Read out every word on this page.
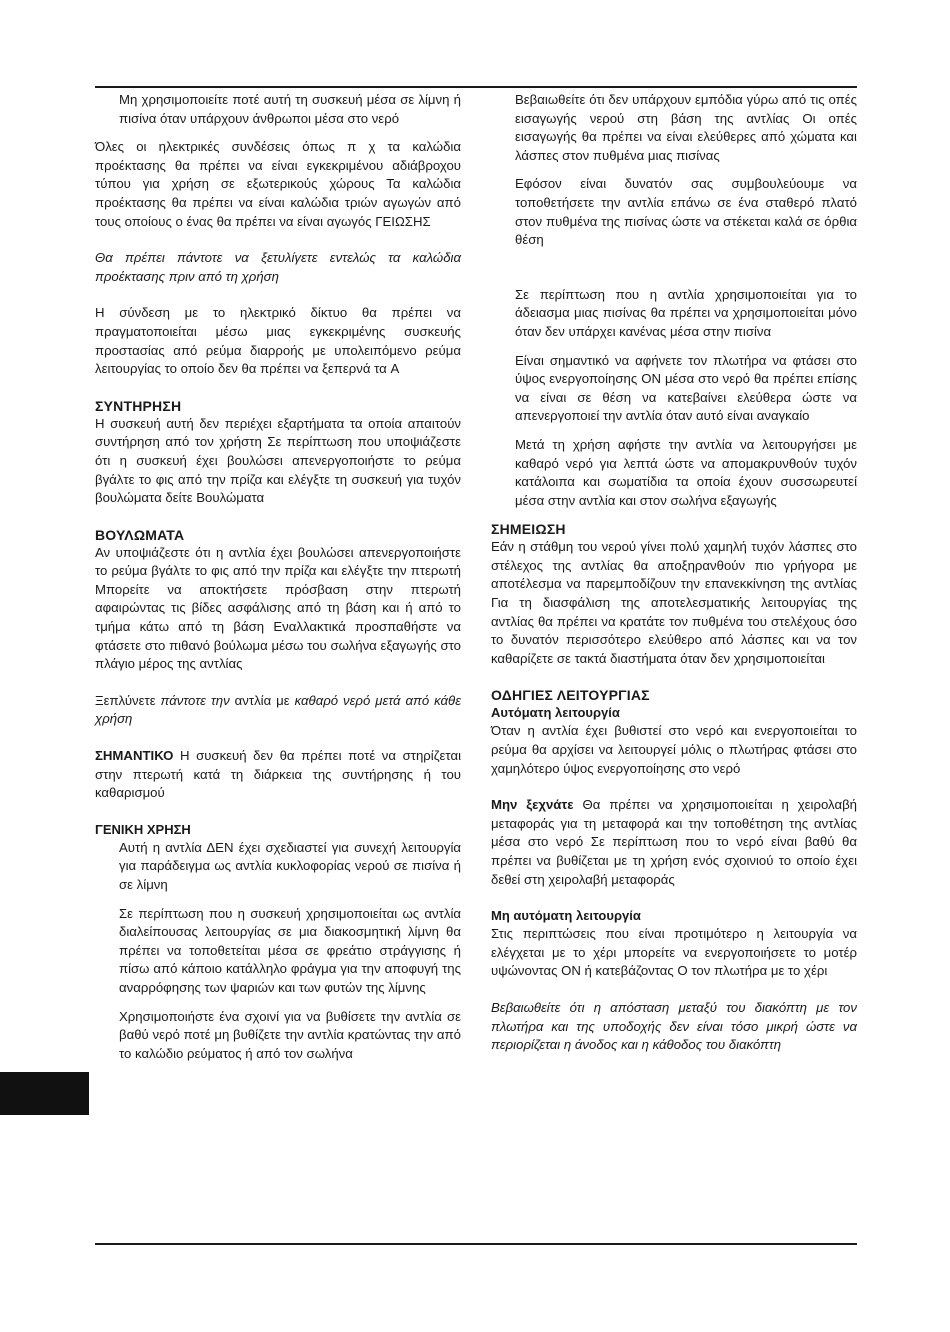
Μη χρησιμοποιείτε ποτέ αυτή τη συσκευή μέσα σε λίμνη ή πισίνα όταν υπάρχουν άνθρωποι μέσα στο νερό

Όλες οι ηλεκτρικές συνδέσεις όπως π χ τα καλώδια προέκτασης θα πρέπει να είναι εγκεκριμένου αδιάβροχου τύπου για χρήση σε εξωτερικούς χώρους Τα καλώδια προέκτασης θα πρέπει να είναι καλώδια τριών αγωγών από τους οποίους ο ένας θα πρέπει να είναι αγωγός ΓΕΙΩΣΗΣ

Θα πρέπει πάντοτε να ξετυλίγετε εντελώς τα καλώδια προέκτασης πριν από τη χρήση

Η σύνδεση με το ηλεκτρικό δίκτυο θα πρέπει να πραγματοποιείται μέσω μιας εγκεκριμένης συσκευής προστασίας από ρεύμα διαρροής με υπολειπόμενο ρεύμα λειτουργίας το οποίο δεν θα πρέπει να ξεπερνά τα A

ΣΥΝΤΗΡΗΣΗ

Η συσκευή αυτή δεν περιέχει εξαρτήματα τα οποία απαιτούν συντήρηση από τον χρήστη Σε περίπτωση που υποψιάζεστε ότι η συσκευή έχει βουλώσει απενεργοποιήστε το ρεύμα βγάλτε το φις από την πρίζα και ελέγξτε τη συσκευή για τυχόν βουλώματα δείτε Βουλώματα

ΒΟΥΛΩΜΑΤΑ

Αν υποψιάζεστε ότι η αντλία έχει βουλώσει απενεργοποιήστε το ρεύμα βγάλτε το φις από την πρίζα και ελέγξτε την πτερωτή Μπορείτε να αποκτήσετε πρόσβαση στην πτερωτή αφαιρώντας τις βίδες ασφάλισης από τη βάση και ή από το τμήμα κάτω από τη βάση Εναλλακτικά προσπαθήστε να φτάσετε στο πιθανό βούλωμα μέσω του σωλήνα εξαγωγής στο πλάγιο μέρος της αντλίας

Ξεπλύνετε πάντοτε την αντλία με καθαρό νερό μετά από κάθε χρήση

ΣΗΜΑΝΤΙΚΟ Η συσκευή δεν θα πρέπει ποτέ να στηρίζεται στην πτερωτή κατά τη διάρκεια της συντήρησης ή του καθαρισμού

ΓΕΝΙΚΗ ΧΡΗΣΗ

Αυτή η αντλία ΔΕΝ έχει σχεδιαστεί για συνεχή λειτουργία για παράδειγμα ως αντλία κυκλοφορίας νερού σε πισίνα ή σε λίμνη

Σε περίπτωση που η συσκευή χρησιμοποιείται ως αντλία διαλείπουσας λειτουργίας σε μια διακοσμητική λίμνη θα πρέπει να τοποθετείται μέσα σε φρεάτιο στράγγισης ή πίσω από κάποιο κατάλληλο φράγμα για την αποφυγή της αναρρόφησης των ψαριών και των φυτών της λίμνης

Χρησιμοποιήστε ένα σχοινί για να βυθίσετε την αντλία σε βαθύ νερό ποτέ μη βυθίζετε την αντλία κρατώντας την από το καλώδιο ρεύματος ή από τον σωλήνα

Βεβαιωθείτε ότι δεν υπάρχουν εμπόδια γύρω από τις οπές εισαγωγής νερού στη βάση της αντλίας Οι οπές εισαγωγής θα πρέπει να είναι ελεύθερες από χώματα και λάσπες στον πυθμένα μιας πισίνας

Εφόσον είναι δυνατόν σας συμβουλεύουμε να τοποθετήσετε την αντλία επάνω σε ένα σταθερό πλατό στον πυθμένα της πισίνας ώστε να στέκεται καλά σε όρθια θέση

Σε περίπτωση που η αντλία χρησιμοποιείται για το άδειασμα μιας πισίνας θα πρέπει να χρησιμοποιείται μόνο όταν δεν υπάρχει κανένας μέσα στην πισίνα

Είναι σημαντικό να αφήνετε τον πλωτήρα να φτάσει στο ύψος ενεργοποίησης ON μέσα στο νερό θα πρέπει επίσης να είναι σε θέση να κατεβαίνει ελεύθερα ώστε να απενεργοποιεί την αντλία όταν αυτό είναι αναγκαίο

Μετά τη χρήση αφήστε την αντλία να λειτουργήσει με καθαρό νερό για λεπτά ώστε να απομακρυνθούν τυχόν κατάλοιπα και σωματίδια τα οποία έχουν συσσωρευτεί μέσα στην αντλία και στον σωλήνα εξαγωγής

ΣΗΜΕΙΩΣΗ

Εάν η στάθμη του νερού γίνει πολύ χαμηλή τυχόν λάσπες στο στέλεχος της αντλίας θα αποξηρανθούν πιο γρήγορα με αποτέλεσμα να παρεμποδίζουν την επανεκκίνηση της αντλίας Για τη διασφάλιση της αποτελεσματικής λειτουργίας της αντλίας θα πρέπει να κρατάτε τον πυθμένα του στελέχους όσο το δυνατόν περισσότερο ελεύθερο από λάσπες και να τον καθαρίζετε σε τακτά διαστήματα όταν δεν χρησιμοποιείται

ΟΔΗΓΙΕΣ ΛΕΙΤΟΥΡΓΙΑΣ
Αυτόματη λειτουργία

Όταν η αντλία έχει βυθιστεί στο νερό και ενεργοποιείται το ρεύμα θα αρχίσει να λειτουργεί μόλις ο πλωτήρας φτάσει στο χαμηλότερο ύψος ενεργοποίησης στο νερό

Μην ξεχνάτε Θα πρέπει να χρησιμοποιείται η χειρολαβή μεταφοράς για τη μεταφορά και την τοποθέτηση της αντλίας μέσα στο νερό Σε περίπτωση που το νερό είναι βαθύ θα πρέπει να βυθίζεται με τη χρήση ενός σχοινιού το οποίο έχει δεθεί στη χειρολαβή μεταφοράς

Μη αυτόματη λειτουργία

Στις περιπτώσεις που είναι προτιμότερο η λειτουργία να ελέγχεται με το χέρι μπορείτε να ενεργοποιήσετε το μοτέρ υψώνοντας ON ή κατεβάζοντας O τον πλωτήρα με το χέρι

Βεβαιωθείτε ότι η απόσταση μεταξύ του διακόπτη με τον πλωτήρα και της υποδοχής δεν είναι τόσο μικρή ώστε να περιορίζεται η άνοδος και η κάθοδος του διακόπτη
